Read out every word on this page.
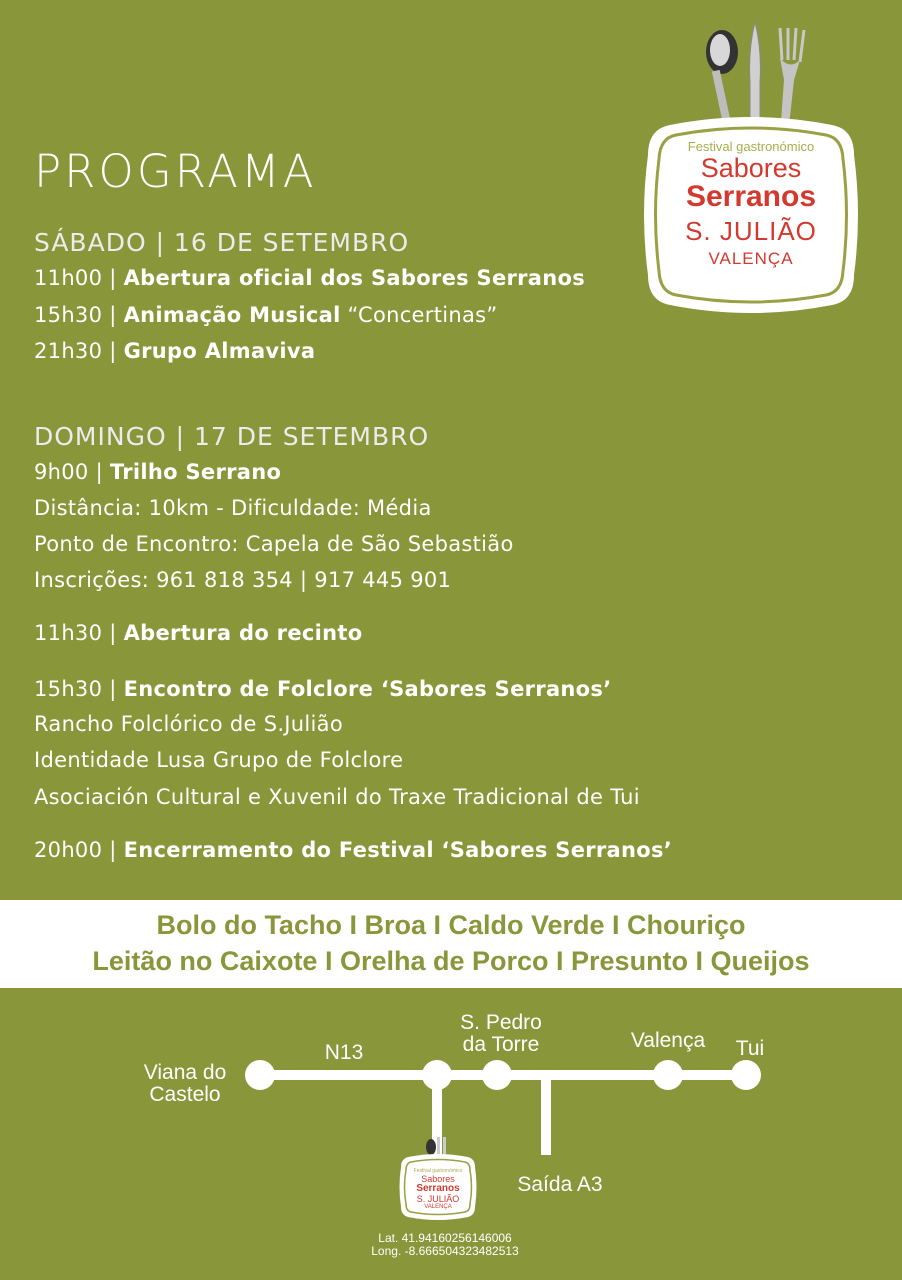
Festival gastronómico
Sabores
Serranos
S. JULIÃO
VALENÇA
PROGRAMA
SÁBADO | 16 DE SETEMBRO
11h00 | Abertura oficial dos Sabores Serranos
15h30 | Animação Musical “Concertinas”
21h30 | Grupo Almaviva
DOMINGO | 17 DE SETEMBRO
9h00 | Trilho Serrano
Distância: 10km - Dificuldade: Média
Ponto de Encontro: Capela de São Sebastião
Inscrições: 961 818 354 | 917 445 901
11h30 | Abertura do recinto
15h30 | Encontro de Folclore ‘Sabores Serranos’
Rancho Folclórico de S.Julião
Identidade Lusa Grupo de Folclore
Asociación Cultural e Xuvenil do Traxe Tradicional de Tui
20h00 | Encerramento do Festival ‘Sabores Serranos’
Bolo do Tacho I Broa I Caldo Verde I Chouriço
Leitão no Caixote I Orelha de Porco I Presunto I Queijos
Viana do
Castelo
N13
S. Pedro
da Torre	Valença	Tui
Saída A3
Festival gastronómico
Sabores
Serranos
S. JULIÃO
VALENÇA
Lat. 41.94160256146006
Long. -8.666504323482513
